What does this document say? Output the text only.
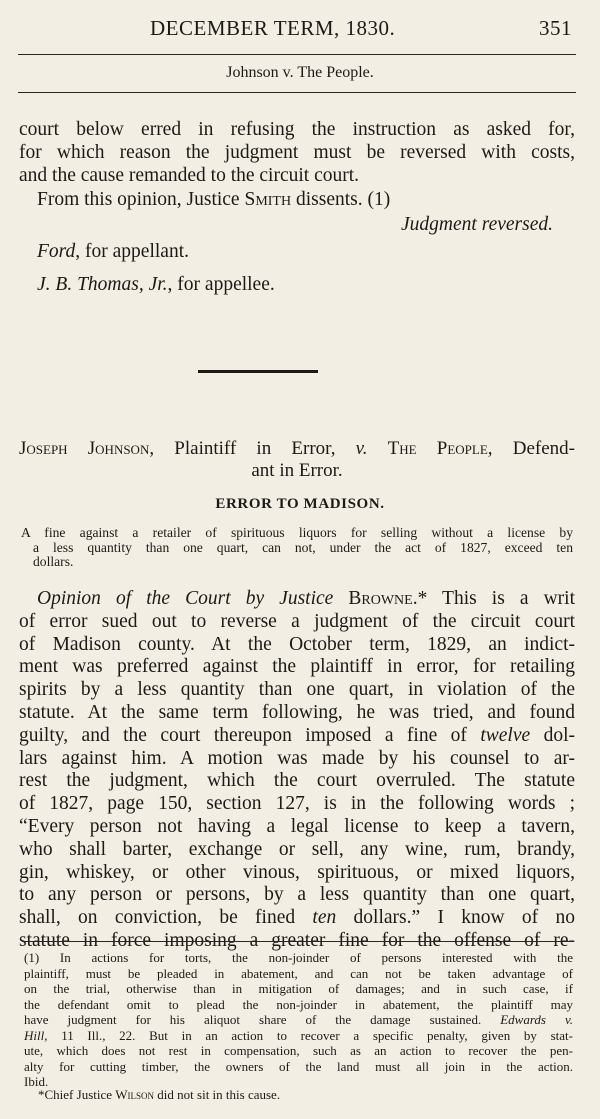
DECEMBER TERM, 1830.	351
Johnson v. The People.
court below erred in refusing the instruction as asked for,
for which reason the judgment must be reversed with costs,
and the cause remanded to the circuit court.
From this opinion, Justice Smith dissents. (1)
Judgment reversed.
Ford, for appellant.
J. B. Thomas, Jr., for appellee.
Joseph Johnson, Plaintiff in Error, v. The People, Defend-
ant in Error.
ERROR TO MADISON.
A fine against a retailer of spirituous liquors for selling without a license by
a less quantity than one quart, can not, under the act of 1827, exceed ten
dollars.
Opinion of the Court by Justice Browne.* This is a writ
of error sued out to reverse a judgment of the circuit court
of Madison county. At the October term, 1829, an indict-
ment was preferred against the plaintiff in error, for retailing
spirits by a less quantity than one quart, in violation of the
statute. At the same term following, he was tried, and found
guilty, and the court thereupon imposed a fine of twelve dol-
lars against him. A motion was made by his counsel to ar-
rest the judgment, which the court overruled. The statute
of 1827, page 150, section 127, is in the following words ;
“Every person not having a legal license to keep a tavern,
who shall barter, exchange or sell, any wine, rum, brandy,
gin, whiskey, or other vinous, spirituous, or mixed liquors,
to any person or persons, by a less quantity than one quart,
shall, on conviction, be fined ten dollars.” I know of no
statute in force imposing a greater fine for the offense of re-
(1) In actions for torts, the non-joinder of persons interested with the
plaintiff, must be pleaded in abatement, and can not be taken advantage of
on the trial, otherwise than in mitigation of damages; and in such case, if
the defendant omit to plead the non-joinder in abatement, the plaintiff may
have judgment for his aliquot share of the damage sustained. Edwards v.
Hill, 11 Ill., 22. But in an action to recover a specific penalty, given by stat-
ute, which does not rest in compensation, such as an action to recover the pen-
alty for cutting timber, the owners of the land must all join in the action.
Ibid.
*Chief Justice Wilson did not sit in this cause.
